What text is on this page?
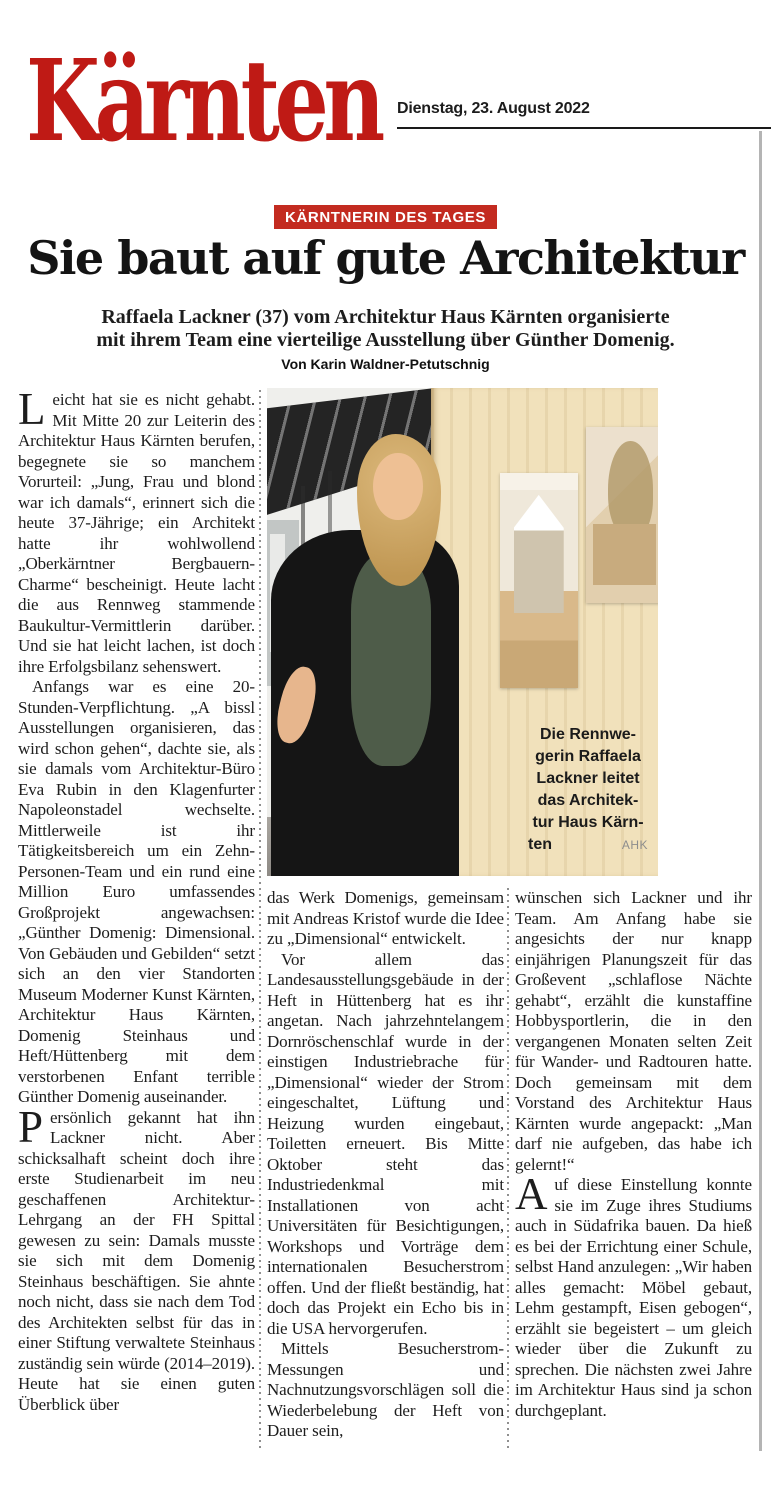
Kärnten Dienstag, 23. August 2022
KÄRNTNERIN DES TAGES
Sie baut auf gute Architektur
Raffaela Lackner (37) vom Architektur Haus Kärnten organisierte
mit ihrem Team eine vierteilige Ausstellung über Günther Domenig.
Von Karin Waldner-Petutschnig
Die Rennwe-
gerin Raffaela
Lackner leitet
das Architek-
tur Haus Kärn-
ten	AHK

Leicht hat sie es nicht gehabt. Mit Mitte 20 zur Leiterin des Architektur Haus Kärnten berufen, begegnete sie so manchem Vorurteil: „Jung, Frau und blond war ich damals“, erinnert sich die heute 37-Jährige; ein Architekt hatte ihr wohlwollend „Oberkärntner Bergbauern-Charme“ bescheinigt. Heute lacht die aus Rennweg stammende Baukultur-Vermittlerin darüber. Und sie hat leicht lachen, ist doch ihre Erfolgsbilanz sehenswert.

Anfangs war es eine 20-Stunden-Verpflichtung. „A bissl Ausstellungen organisieren, das wird schon gehen“, dachte sie, als sie damals vom Architektur-Büro Eva Rubin in den Klagenfurter Napoleonstadel wechselte. Mittlerweile ist ihr Tätigkeitsbereich um ein Zehn-Personen-Team und ein rund eine Million Euro umfassendes Großprojekt angewachsen: „Günther Domenig: Dimensional. Von Gebäuden und Gebilden“ setzt sich an den vier Standorten Museum Moderner Kunst Kärnten, Architektur Haus Kärnten, Domenig Steinhaus und Heft/Hüttenberg mit dem verstorbenen Enfant terrible Günther Domenig auseinander.

Persönlich gekannt hat ihn Lackner nicht. Aber schicksalhaft scheint doch ihre erste Studienarbeit im neu geschaffenen Architektur-Lehrgang an der FH Spittal gewesen zu sein: Damals musste sie sich mit dem Domenig Steinhaus beschäftigen. Sie ahnte noch nicht, dass sie nach dem Tod des Architekten selbst für das in einer Stiftung verwaltete Steinhaus zuständig sein würde (2014–2019). Heute hat sie einen guten Überblick über

das Werk Domenigs, gemeinsam mit Andreas Kristof wurde die Idee zu „Dimensional“ entwickelt.

Vor allem das Landesausstellungsgebäude in der Heft in Hüttenberg hat es ihr angetan. Nach jahrzehntelangem Dornröschenschlaf wurde in der einstigen Industriebrache für „Dimensional“ wieder der Strom eingeschaltet, Lüftung und Heizung wurden eingebaut, Toiletten erneuert. Bis Mitte Oktober steht das Industriedenkmal mit Installationen von acht Universitäten für Besichtigungen, Workshops und Vorträge dem internationalen Besucherstrom offen. Und der fließt beständig, hat doch das Projekt ein Echo bis in die USA hervorgerufen.

Mittels Besucherstrom-Messungen und Nachnutzungsvorschlägen soll die Wiederbelebung der Heft von Dauer sein,

wünschen sich Lackner und ihr Team. Am Anfang habe sie angesichts der nur knapp einjährigen Planungszeit für das Großevent „schlaflose Nächte gehabt“, erzählt die kunstaffine Hobbysportlerin, die in den vergangenen Monaten selten Zeit für Wander- und Radtouren hatte. Doch gemeinsam mit dem Vorstand des Architektur Haus Kärnten wurde angepackt: „Man darf nie aufgeben, das habe ich gelernt!“

Auf diese Einstellung konnte sie im Zuge ihres Studiums auch in Südafrika bauen. Da hieß es bei der Errichtung einer Schule, selbst Hand anzulegen: „Wir haben alles gemacht: Möbel gebaut, Lehm gestampft, Eisen gebogen“, erzählt sie begeistert – um gleich wieder über die Zukunft zu sprechen. Die nächsten zwei Jahre im Architektur Haus sind ja schon durchgeplant.
